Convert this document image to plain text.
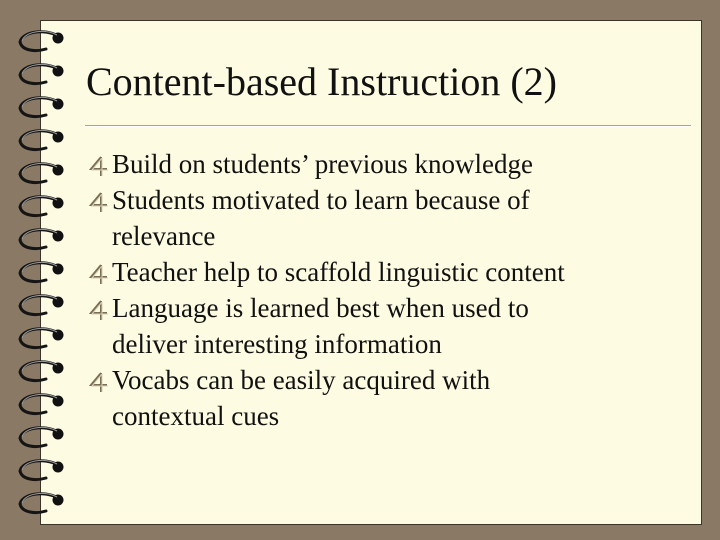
Content-based Instruction (2)
Build on students’ previous knowledge
Students motivated to learn because of
relevance
Teacher help to scaffold linguistic content
Language is learned best when used to
deliver interesting information
Vocabs can be easily acquired with
contextual cues
